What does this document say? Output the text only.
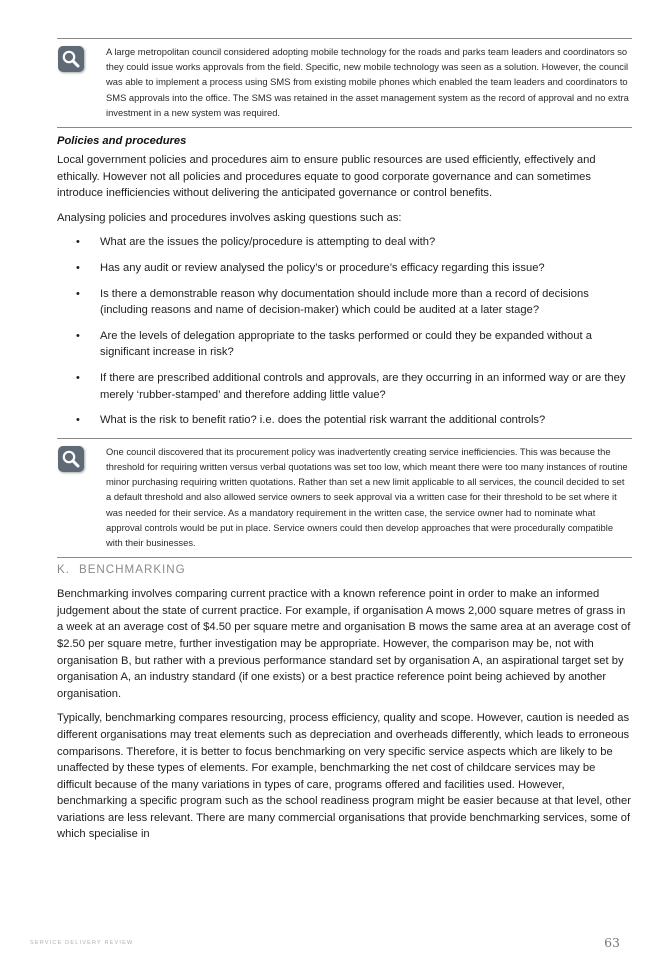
A large metropolitan council considered adopting mobile technology for the roads and parks team leaders and coordinators so they could issue works approvals from the field. Specific, new mobile technology was seen as a solution. However, the council was able to implement a process using SMS from existing mobile phones which enabled the team leaders and coordinators to SMS approvals into the office. The SMS was retained in the asset management system as the record of approval and no extra investment in a new system was required.
Policies and procedures

Local government policies and procedures aim to ensure public resources are used efficiently, effectively and ethically. However not all policies and procedures equate to good corporate governance and can sometimes introduce inefficiencies without delivering the anticipated governance or control benefits.

Analysing policies and procedures involves asking questions such as:

• What are the issues the policy/procedure is attempting to deal with?
• Has any audit or review analysed the policy’s or procedure’s efficacy regarding this issue?
• Is there a demonstrable reason why documentation should include more than a record of decisions (including reasons and name of decision-maker) which could be audited at a later stage?
• Are the levels of delegation appropriate to the tasks performed or could they be expanded without a significant increase in risk?
• If there are prescribed additional controls and approvals, are they occurring in an informed way or are they merely ‘rubber-stamped’ and therefore adding little value?
• What is the risk to benefit ratio? i.e. does the potential risk warrant the additional controls?
One council discovered that its procurement policy was inadvertently creating service inefficiencies. This was because the threshold for requiring written versus verbal quotations was set too low, which meant there were too many instances of routine minor purchasing requiring written quotations. Rather than set a new limit applicable to all services, the council decided to set a default threshold and also allowed service owners to seek approval via a written case for their threshold to be set where it was needed for their service. As a mandatory requirement in the written case, the service owner had to nominate what approval controls would be put in place. Service owners could then develop approaches that were procedurally compatible with their businesses.
K. BENCHMARKING

Benchmarking involves comparing current practice with a known reference point in order to make an informed judgement about the state of current practice. For example, if organisation A mows 2,000 square metres of grass in a week at an average cost of $4.50 per square metre and organisation B mows the same area at an average cost of $2.50 per square metre, further investigation may be appropriate. However, the comparison may be, not with organisation B, but rather with a previous performance standard set by organisation A, an aspirational target set by organisation A, an industry standard (if one exists) or a best practice reference point being achieved by another organisation.

Typically, benchmarking compares resourcing, process efficiency, quality and scope. However, caution is needed as different organisations may treat elements such as depreciation and overheads differently, which leads to erroneous comparisons. Therefore, it is better to focus benchmarking on very specific service aspects which are likely to be unaffected by these types of elements. For example, benchmarking the net cost of childcare services may be difficult because of the many variations in types of care, programs offered and facilities used. However, benchmarking a specific program such as the school readiness program might be easier because at that level, other variations are less relevant. There are many commercial organisations that provide benchmarking services, some of which specialise in

SERVICE DELIVERY REVIEW	63
